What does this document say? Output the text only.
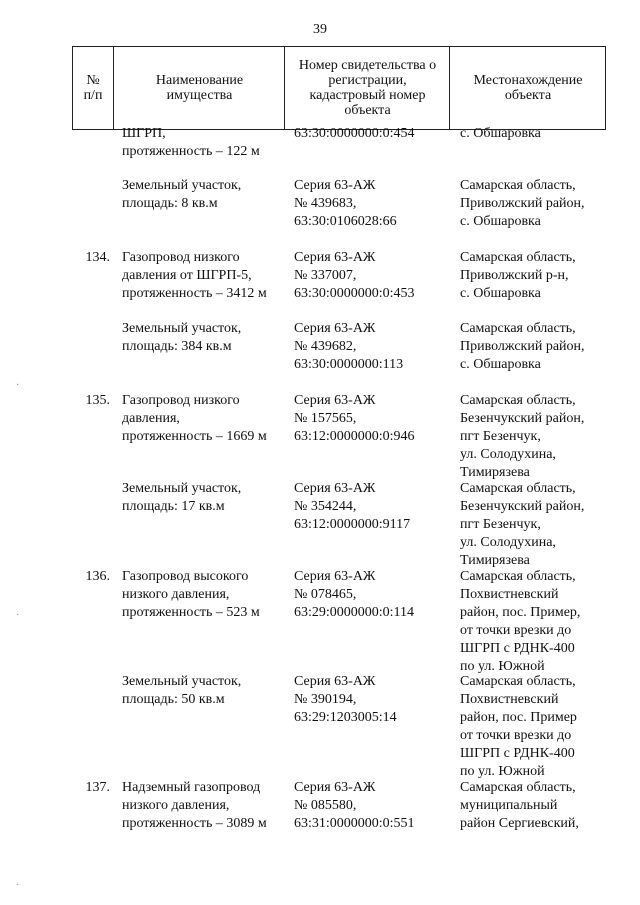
39
№
п/п
Наименование
имущества
Номер свидетельства о
регистрации,
кадастровый номер
объекта
Местонахождение
объекта
ШГРП,
протяженность – 122 м
63:30:0000000:0:454	с. Обшаровка
Земельный участок,
площадь: 8 кв.м
Серия 63-АЖ
№ 439683,
63:30:0106028:66
Самарская область,
Приволжский район,
с. Обшаровка
134. Газопровод низкого
давления от ШГРП-5,
протяженность – 3412 м
Серия 63-АЖ
№ 337007,
63:30:0000000:0:453
Самарская область,
Приволжский р-н,
с. Обшаровка
Земельный участок,
площадь: 384 кв.м
Серия 63-АЖ
№ 439682,
63:30:0000000:113
Самарская область,
Приволжский район,
с. Обшаровка
135. Газопровод низкого
давления,
протяженность – 1669 м
Серия 63-АЖ
№ 157565,
63:12:0000000:0:946
Самарская область,
Безенчукский район,
пгт Безенчук,
ул. Солодухина,
Тимирязева
Земельный участок,
площадь: 17 кв.м
Серия 63-АЖ
№ 354244,
63:12:0000000:9117
Самарская область,
Безенчукский район,
пгт Безенчук,
ул. Солодухина,
Тимирязева
136. Газопровод высокого
низкого давления,
протяженность – 523 м
Серия 63-АЖ
№ 078465,
63:29:0000000:0:114
Самарская область,
Похвистневский
район, пос. Пример,
от точки врезки до
ШГРП с РДНК-400
по ул. Южной
Земельный участок,
площадь: 50 кв.м
Серия 63-АЖ
№ 390194,
63:29:1203005:14
Самарская область,
Похвистневский
район, пос. Пример
от точки врезки до
ШГРП с РДНК-400
по ул. Южной
137. Надземный газопровод
низкого давления,
протяженность – 3089 м
Серия 63-АЖ
№ 085580,
63:31:0000000:0:551
Самарская область,
муниципальный
район Сергиевский,
·
·
·
